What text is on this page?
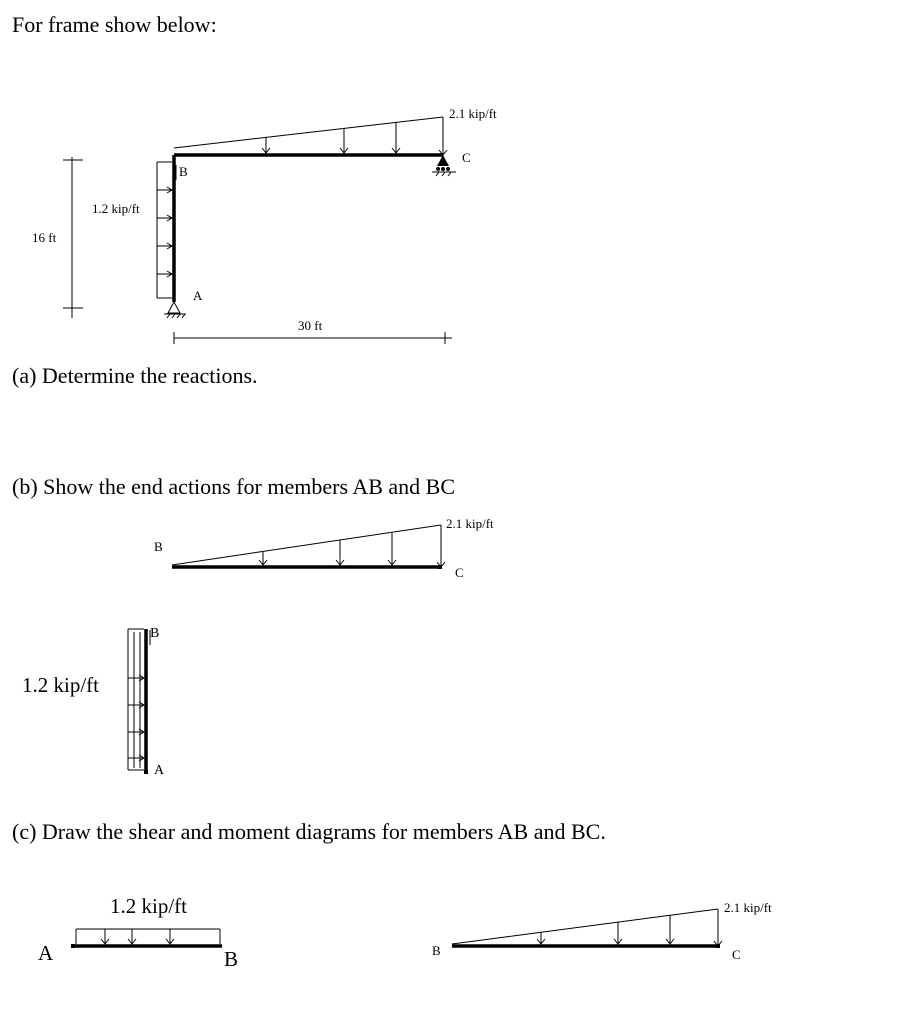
For frame show below:
(a) Determine the reactions.
(b) Show the end actions for members AB and BC
(c) Draw the shear and moment diagrams for members AB and BC.
2.1 kip/ft
1.2 kip/ft
B
A
C
16 ft
30 ft
B
C
2.1 kip/ft
B
A
1.2 kip/ft
A	B
1.2 kip/ft
B	C
2.1 kip/ft
